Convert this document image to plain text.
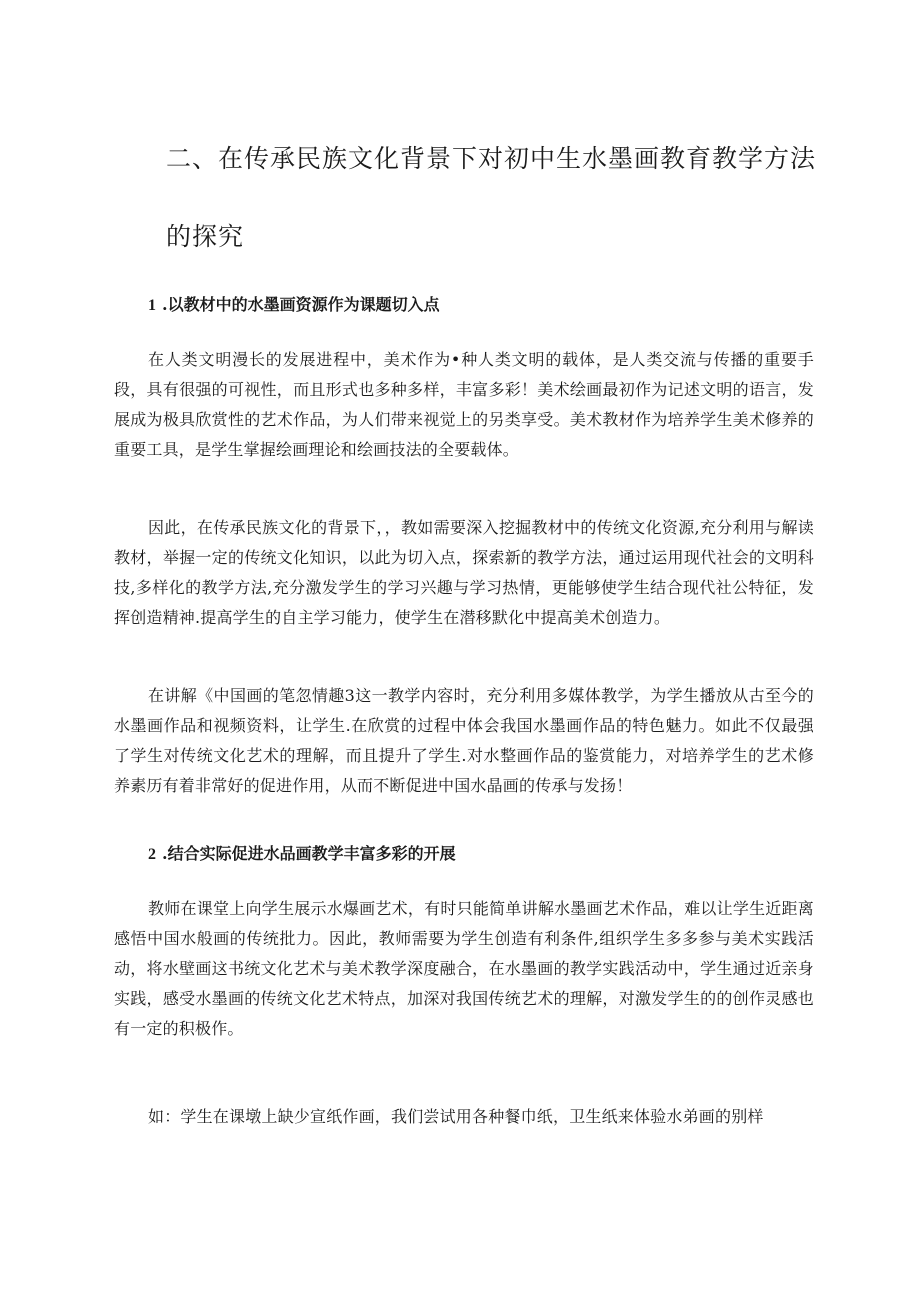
二、在传承民族文化背景下对初中生水墨画教育教学方法
的探究
1 .以教材中的水墨画资源作为课题切入点

在人类文明漫长的发展进程中，美术作为•种人类文明的载体，是人类交流与传播的重要手段，具有很强的可视性，而且形式也多种多样，丰富多彩！美术绘画最初作为记述文明的语言，发展成为极具欣赏性的艺术作品，为人们带来视觉上的另类享受。美术教材作为培养学生美术修养的重要工具，是学生掌握绘画理论和绘画技法的全要载体。

因此，在传承民族文化的背景下，，教如需要深入挖掘教材中的传统文化资源,充分利用与解读教材，举握一定的传统文化知识，以此为切入点，探索新的教学方法，通过运用现代社会的文明科技,多样化的教学方法,充分激发学生的学习兴趣与学习热情，更能够使学生结合现代社公特征，发挥创造精神.提高学生的自主学习能力，使学生在潜移默化中提高美术创造力。

在讲解《中国画的笔忽情趣3这一教学内容时，充分利用多媒体教学，为学生播放从古至今的水墨画作品和视频资料，让学生.在欣赏的过程中体会我国水墨画作品的特色魅力。如此不仅最强了学生对传统文化艺术的理解，而且提升了学生.对水整画作品的鉴赏能力，对培养学生的艺术修养素历有着非常好的促进作用，从而不断促进中国水晶画的传承与发扬！

2 .结合实际促进水品画教学丰富多彩的开展

教师在课堂上向学生展示水爆画艺术，有时只能简单讲解水墨画艺术作品，难以让学生近距离感悟中国水般画的传统批力。因此，教师需要为学生创造有利条件,组织学生多多参与美术实践活动，将水壁画这书统文化艺术与美术教学深度融合，在水墨画的教学实践活动中，学生通过近亲身实践，感受水墨画的传统文化艺术特点，加深对我国传统艺术的理解，对激发学生的的创作灵感也有一定的积极作。

如：学生在课墩上缺少宣纸作画，我们尝试用各种餐巾纸，卫生纸来体验水弟画的别样
